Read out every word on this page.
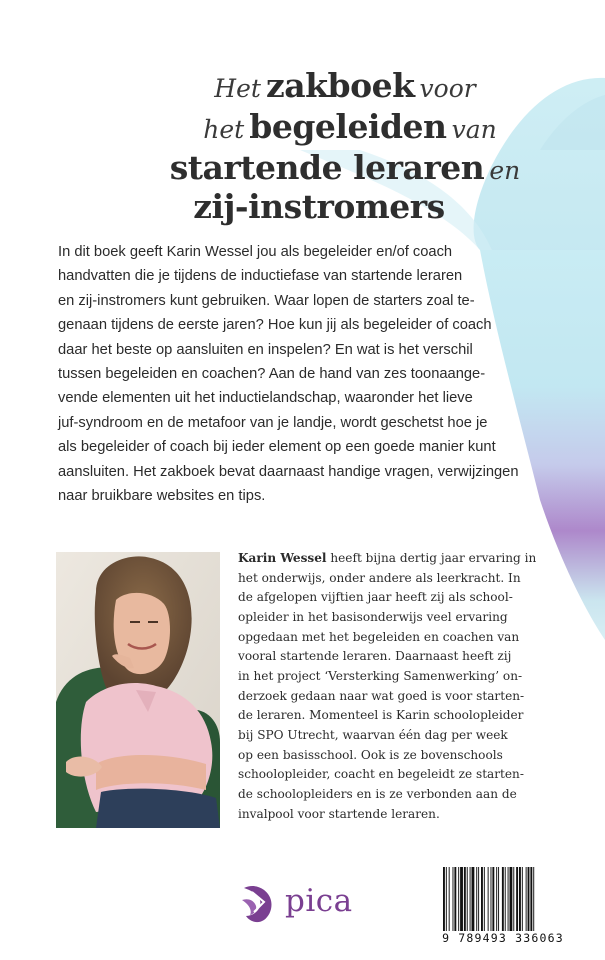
Het zakboek voor
het begeleiden van
startende leraren en
zij-instromers

In dit boek geeft Karin Wessel jou als begeleider en/of coach
handvatten die je tijdens de inductiefase van startende leraren
en zij-instromers kunt gebruiken. Waar lopen de starters zoal te-
genaan tijdens de eerste jaren? Hoe kun jij als begeleider of coach
daar het beste op aansluiten en inspelen? En wat is het verschil
tussen begeleiden en coachen? Aan de hand van zes toonaange-
vende elementen uit het inductielandschap, waaronder het lieve
juf-syndroom en de metafoor van je landje, wordt geschetst hoe je
als begeleider of coach bij ieder element op een goede manier kunt
aansluiten. Het zakboek bevat daarnaast handige vragen, verwijzingen
naar bruikbare websites en tips.

Karin Wessel heeft bijna dertig jaar ervaring in
het onderwijs, onder andere als leerkracht. In
de afgelopen vijftien jaar heeft zij als school-
opleider in het basisonderwijs veel ervaring
opgedaan met het begeleiden en coachen van
vooral startende leraren. Daarnaast heeft zij
in het project ‘Versterking Samenwerking’ on-
derzoek gedaan naar wat goed is voor starten-
de leraren. Momenteel is Karin schoolopleider
bij SPO Utrecht, waarvan één dag per week
op een basisschool. Ook is ze bovenschools
schoolopleider, coacht en begeleidt ze starten-
de schoolopleiders en is ze verbonden aan de
invalpool voor startende leraren.

pica
9 789493 336063
